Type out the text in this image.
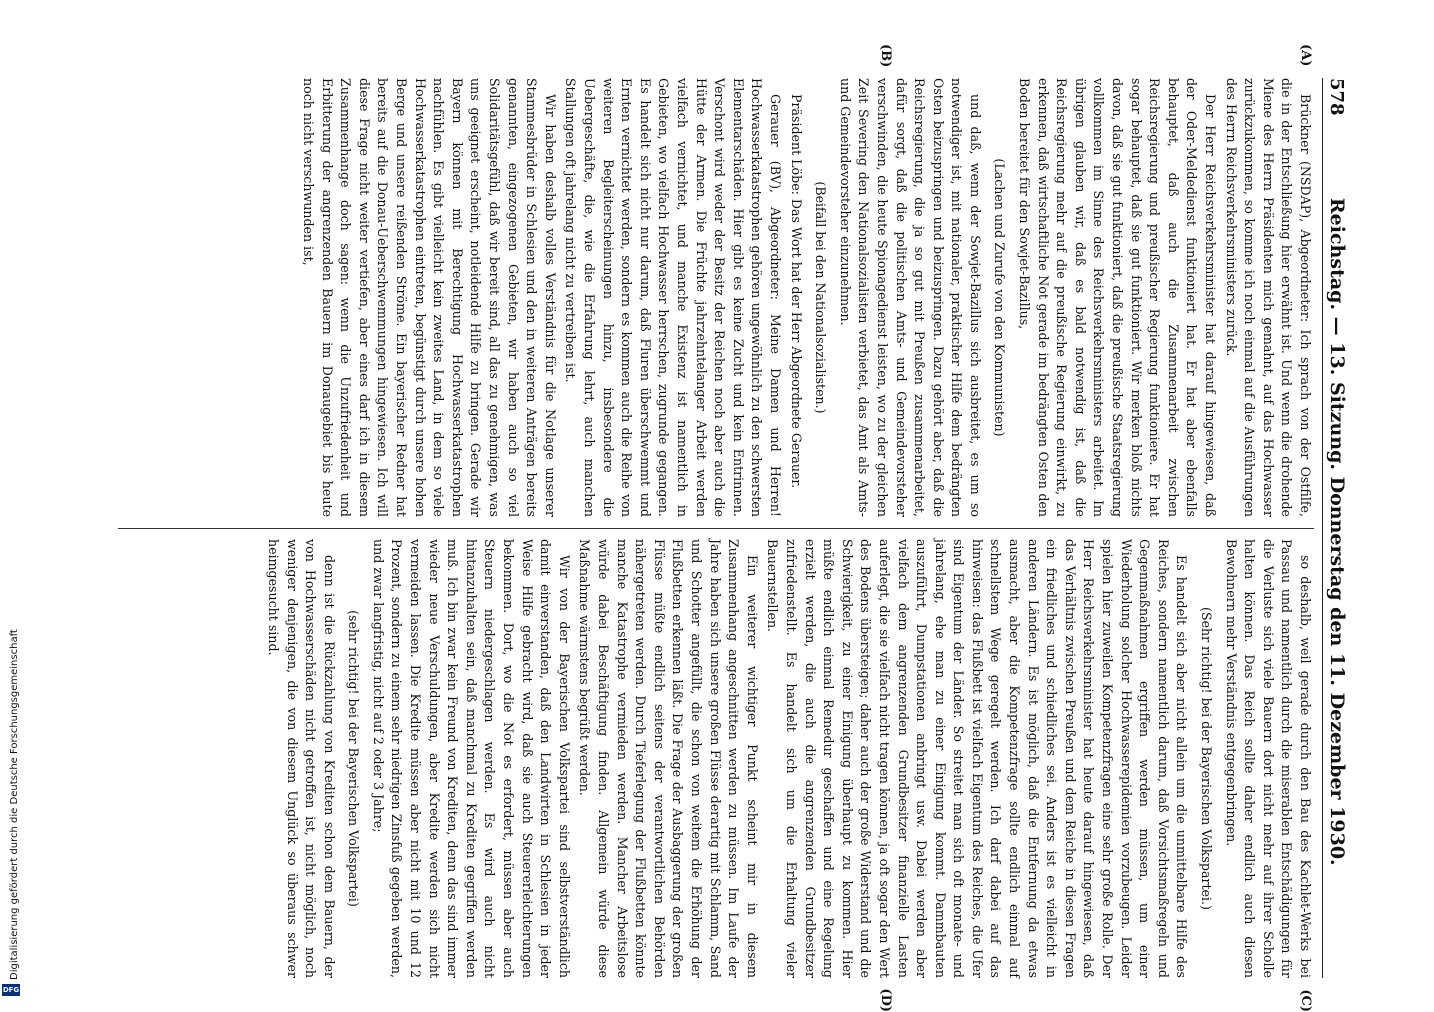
Digitalisierung gefördert durch die Deutsche Forschungsgemeinschaft
DFG
578
Reichstag. — 13. Sitzung. Donnerstag den 11. Dezember 1930.
(A)
(B)

Brückner (NSDAP), Abgeordneter: Ich sprach von der Ostfilfe, die in der Entschließung hier erwähnt ist. Und wenn die drohende Miene des Herrn Präsidenten mich gemahnt, auf das Hochwasser zurückzukommen, so komme ich noch einmal auf die Ausführungen des Herrn Reichsverkehrsministers zurück.

Der Herr Reichsverkehrsminister hat darauf hingewiesen, daß der Oder-Meldedienst funktioniert hat. Er hat aber ebenfalls behauptet, daß auch die Zusammenarbeit zwischen Reichsregierung und preußischer Regierung funktioniere. Er hat sogar behauptet, daß sie gut funktioniert. Wir merken bloß nichts davon, daß sie gut funktioniert, daß die preußische Staatsregierung vollkommen im Sinne des Reichsverkehrsministers arbeitet. Im übrigen glauben wir, daß es bald notwendig ist, daß die Reichsregierung mehr auf die preußische Regierung einwirkt, zu erkennen, daß wirtschaftliche Not gerade im bedrängten Osten den Boden bereitet für den Sowjet-Bazillus,

(Lachen und Zurufe von den Kommunisten)

und daß, wenn der Sowjet-Bazillus sich ausbreitet, es um so notwendiger ist, mit nationaler, praktischer Hilfe dem bedrängten Osten beizuspringen und beizuspringen. Dazu gehört aber, daß die Reichsregierung, die ja so gut mit Preußen zusammenarbeitet, dafür sorgt, daß die politischen Amts- und Gemeindevorsteher verschwinden, die heute Spionagedienst leisten, wo zu der gleichen Zeit Severing den Nationalsozialisten verbietet, das Amt als Amts- und Gemeindevorsteher einzunehmen.

(Beifall bei den Nationalsozialisten.)

Präsident Löbe: Das Wort hat der Herr Abgeordnete Gerauer.

Gerauer (BV), Abgeordneter: Meine Damen und Herren! Hochwasserkatastrophen gehören ungewöhnlich zu den schwersten Elementarschäden. Hier gibt es keine Zucht und kein Entrinnen. Verschont wird weder der Besitz der Reichen noch aber auch die Hütte der Armen. Die Früchte jahrzehntelanger Arbeit werden vielfach vernichtet, und manche Existenz ist namentlich in Gebieten, wo vielfach Hochwasser herrschen, zugrunde gegangen. Es handelt sich nicht nur darum, daß Fluren überschwemmt und Ernten vernichtet werden, sondern es kommen auch die Reihe von weiteren Begleiterscheinungen hinzu, insbesondere die Uebergeschäfte, die, wie die Erfahrung lehrt, auch manchen Stallungen oft jahrelang nicht zu vertreiben ist.

Wir haben deshalb volles Verständnis für die Notlage unserer Stammesbrüder in Schlesien und den in weiteren Anträgen bereits genannten, eingezogenen Gebieten, wir haben auch so viel Solidaritätsgefühl, daß wir bereit sind, all das zu genehmigen, was uns geeignet erscheint, notleidende Hilfe zu bringen. Gerade wir Bayern können mit Berechtigung Hochwasserkatastrophen nachfühlen. Es gibt vielleicht kein zweites Land, in dem so viele Hochwasserkatastrophen eintreten, begünstigt durch unsere hohen Berge und unsere reißenden Ströme. Ein bayerischer Redner hat bereits auf die Donau-Ueberschwemmungen hingewiesen. Ich will diese Frage nicht weiter vertiefen, aber eines darf ich in diesem Zusammenhange doch sagen: wenn die Unzufriedenheit und Erbitterung der angrenzenden Bauern im Donaugebiet bis heute noch nicht verschwunden ist,

(C)
(D)

so deshalb, weil gerade durch den Bau des Kachlet-Werks bei Passau und namentlich durch die miserablen Entschädigungen für die Verluste sich viele Bauern dort nicht mehr auf ihrer Scholle halten können. Das Reich sollte daher endlich auch diesen Bewohnern mehr Verständnis entgegenbringen.

(Sehr richtig! bei der Bayerischen Volkspartei.)

Es handelt sich aber nicht allein um die unmittelbare Hilfe des Reiches, sondern namentlich darum, daß Vorsichtsmaßregeln und Gegenmaßnahmen ergriffen werden müssen, um einer Wiederholung solcher Hochwasserepidemien vorzubeugen. Leider spielen hier zuweilen Kompetenzfragen eine sehr große Rolle. Der Herr Reichsverkehrsminister hat heute darauf hingewiesen, daß das Verhältnis zwischen Preußen und dem Reiche in diesen Fragen ein friedliches und schiedliches sei. Anders ist es vielleicht in anderen Ländern. Es ist möglich, daß die Entfernung da etwas ausmacht, aber die Kompetenzfrage sollte endlich einmal auf schnellstem Wege geregelt werden. Ich darf dabei auf das hinweisen: das Flußbett ist vielfach Eigentum des Reiches, die Ufer sind Eigentum der Länder. So streitet man sich oft monate- und jahrelang, ehe man zu einer Einigung kommt. Dammbauten auszuführt, Dumpstationen anbringt usw. Dabei werden aber vielfach dem angrenzenden Grundbesitzer finanzielle Lasten auferlegt, die sie vielfach nicht tragen können, ja oft sogar den Wert des Bodens übersteigen; daher auch der große Widerstand und die Schwierigkeit, zu einer Einigung überhaupt zu kommen. Hier müßte endlich einmal Remedur geschaffen und eine Regelung erzielt werden, die auch die angrenzenden Grundbesitzer zufriedenstellt. Es handelt sich um die Erhaltung vieler Bauernstellen.

Ein weiterer wichtiger Punkt scheint mir in diesem Zusammenhang angeschnitten werden zu müssen. Im Laufe der Jahre haben sich unsere großen Flüsse derartig mit Schlamm, Sand und Schotter angefüllt, die schon von weitem die Erhöhung der Flußbetten erkennen läßt. Die Frage der Ausbaggerung der großen Flüsse müßte endlich seitens der verantwortlichen Behörden nähergetreten werden. Durch Tieferlegung der Flußbetten könnte manche Katastrophe vermieden werden. Mancher Arbeitslose würde dabei Beschäftigung finden. Allgemein würde diese Maßnahme wärmstens begrüßt werden.

Wir von der Bayerischen Volkspartei sind selbstverständlich damit einverstanden, daß den Landwirten in Schlesien in jeder Weise Hilfe gebracht wird, daß sie auch Steuererleichterungen bekommen. Dort, wo die Not es erfordert, müssen aber auch Steuern niedergeschlagen werden. Es wird auch nicht hintanzuhalten sein, daß manchmal zu Krediten gegriffen werden muß. Ich bin zwar kein Freund von Krediten, denn das sind immer wieder neue Verschuldungen, aber Kredite werden sich nicht vermeiden lassen. Die Kredite müssen aber nicht mit 10 und 12 Prozent, sondern zu einem sehr niedrigen Zinsfuß gegeben werden, und zwar langfristig, nicht auf 2 oder 3 Jahre;

(sehr richtig! bei der Bayerischen Volkspartei)

denn ist die Rückzahlung von Krediten schon dem Bauern, der von Hochwasserschäden nicht getroffen ist, nicht möglich, noch weniger denjenigen, die von diesem Unglück so überaus schwer heimgesucht sind.
